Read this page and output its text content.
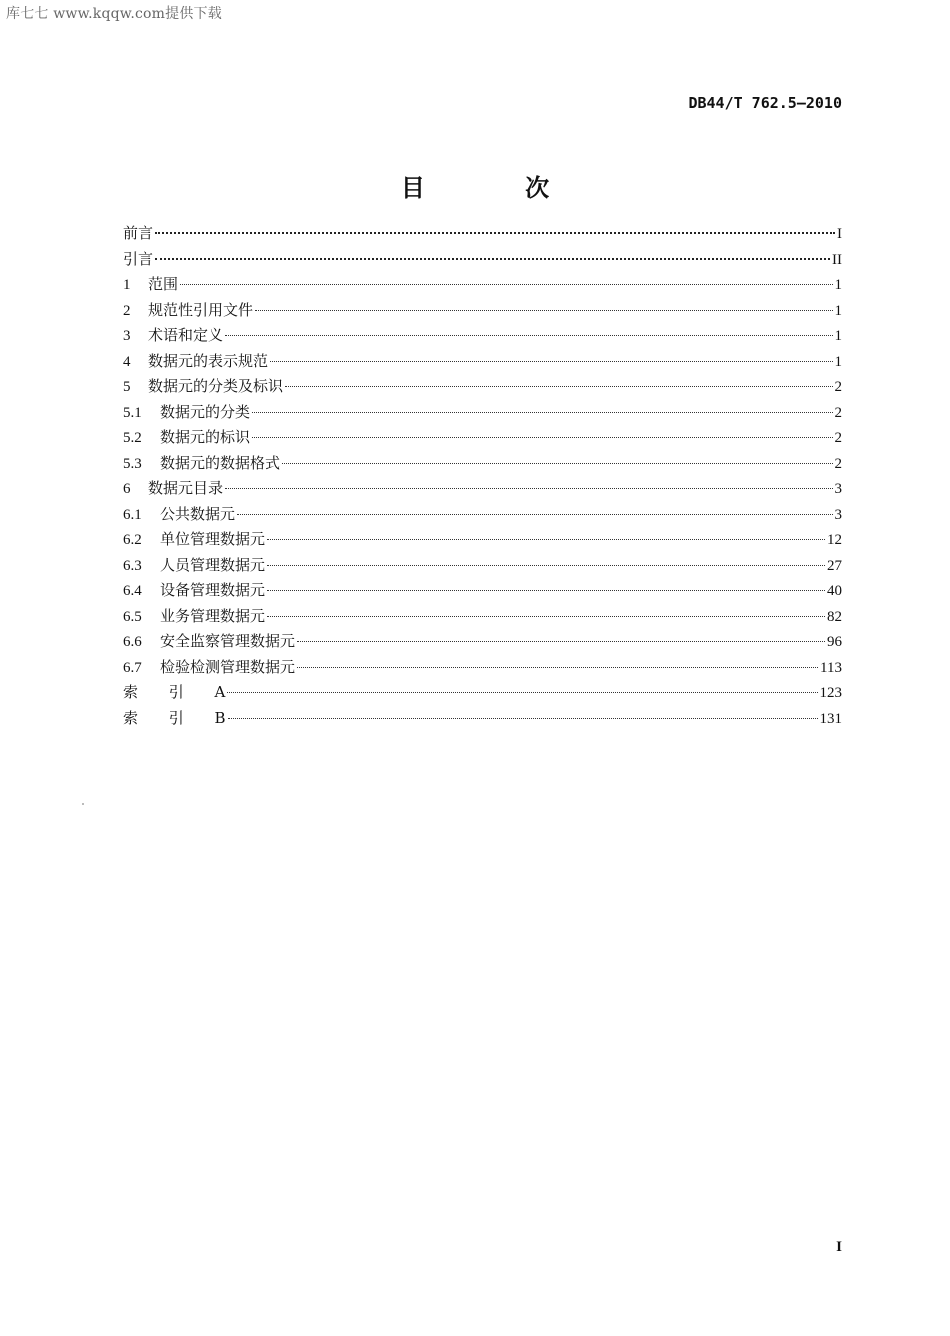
库七七 www.kqqw.com提供下载
DB44/T 762.5—2010
目 次
前言	I
引言	II
1	范围	1
2	规范性引用文件	1
3	术语和定义	1
4	数据元的表示规范	1
5	数据元的分类及标识	2
5.1	数据元的分类	2
5.2	数据元的标识	2
5.3	数据元的数据格式	2
6	数据元目录	3
6.1	公共数据元	3
6.2	单位管理数据元	12
6.3	人员管理数据元	27
6.4	设备管理数据元	40
6.5	业务管理数据元	82
6.6	安全监察管理数据元	96
6.7	检验检测管理数据元	113
索 引 A	123
索 引 B	131
I
